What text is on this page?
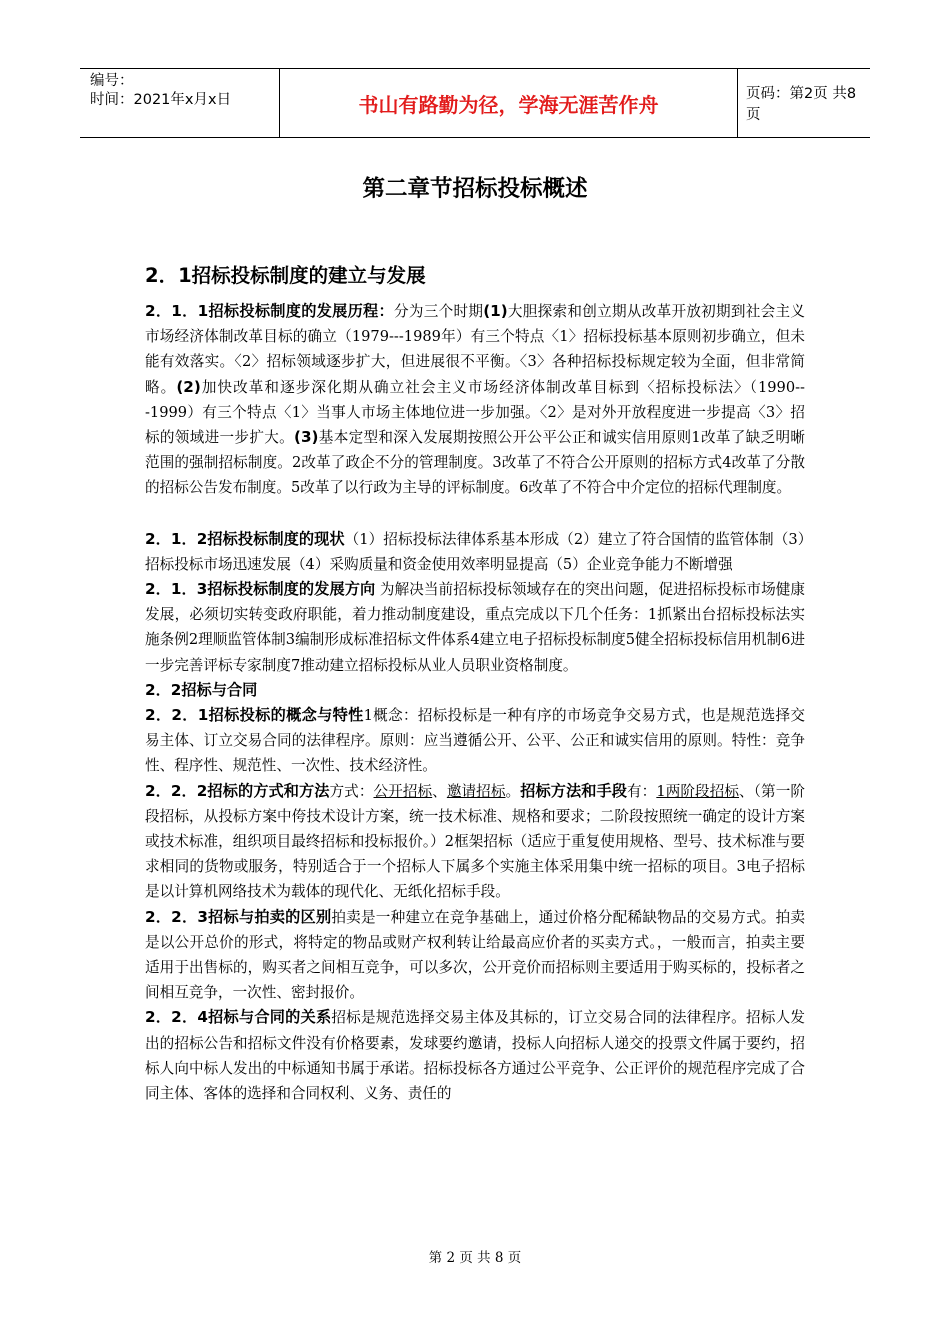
编号：
时间：2021年x月x日	书山有路勤为径，学海无涯苦作舟	页码：第2页 共8页
第二章节招标投标概述
2．1招标投标制度的建立与发展

2．1．1招标投标制度的发展历程：分为三个时期(1)大胆探索和创立期从改革开放初期到社会主义市场经济体制改革目标的确立（1979---1989年）有三个特点〈1〉招标投标基本原则初步确立，但未能有效落实。〈2〉招标领域逐步扩大，但进展很不平衡。〈3〉各种招标投标规定较为全面，但非常简略。(2)加快改革和逐步深化期从确立社会主义市场经济体制改革目标到〈招标投标法〉（1990---1999）有三个特点〈1〉当事人市场主体地位进一步加强。〈2〉是对外开放程度进一步提高〈3〉招标的领域进一步扩大。(3)基本定型和深入发展期按照公开公平公正和诚实信用原则1改革了缺乏明晰范围的强制招标制度。2改革了政企不分的管理制度。3改革了不符合公开原则的招标方式4改革了分散的招标公告发布制度。5改革了以行政为主导的评标制度。6改革了不符合中介定位的招标代理制度。

2．1．2招标投标制度的现状（1）招标投标法律体系基本形成（2）建立了符合国情的监管体制（3）招标投标市场迅速发展（4）采购质量和资金使用效率明显提高（5）企业竞争能力不断增强

2．1．3招标投标制度的发展方向 为解决当前招标投标领域存在的突出问题，促进招标投标市场健康发展，必须切实转变政府职能，着力推动制度建设，重点完成以下几个任务：1抓紧出台招标投标法实施条例2理顺监管体制3编制形成标准招标文件体系4建立电子招标投标制度5健全招标投标信用机制6进一步完善评标专家制度7推动建立招标投标从业人员职业资格制度。

2．2招标与合同

2．2．1招标投标的概念与特性1概念：招标投标是一种有序的市场竞争交易方式，也是规范选择交易主体、订立交易合同的法律程序。原则：应当遵循公开、公平、公正和诚实信用的原则。特性：竞争性、程序性、规范性、一次性、技术经济性。

2．2．2招标的方式和方法方式：公开招标、邀请招标。招标方法和手段有：1两阶段招标、（第一阶段招标，从投标方案中侉技术设计方案，统一技术标准、规格和要求；二阶段按照统一确定的设计方案或技术标准，组织项目最终招标和投标报价。）2框架招标（适应于重复使用规格、型号、技术标准与要求相同的货物或服务，特别适合于一个招标人下属多个实施主体采用集中统一招标的项目。3电子招标是以计算机网络技术为载体的现代化、无纸化招标手段。

2．2．3招标与拍卖的区别拍卖是一种建立在竞争基础上，通过价格分配稀缺物品的交易方式。拍卖是以公开总价的形式，将特定的物品或财产权利转让给最高应价者的买卖方式。，一般而言，拍卖主要适用于出售标的，购买者之间相互竞争，可以多次，公开竞价而招标则主要适用于购买标的，投标者之间相互竞争，一次性、密封报价。

2．2．4招标与合同的关系招标是规范选择交易主体及其标的，订立交易合同的法律程序。招标人发出的招标公告和招标文件没有价格要素，发球要约邀请，投标人向招标人递交的投票文件属于要约，招标人向中标人发出的中标通知书属于承诺。招标投标各方通过公平竞争、公正评价的规范程序完成了合同主体、客体的选择和合同权利、义务、责任的

第 2 页 共 8 页
